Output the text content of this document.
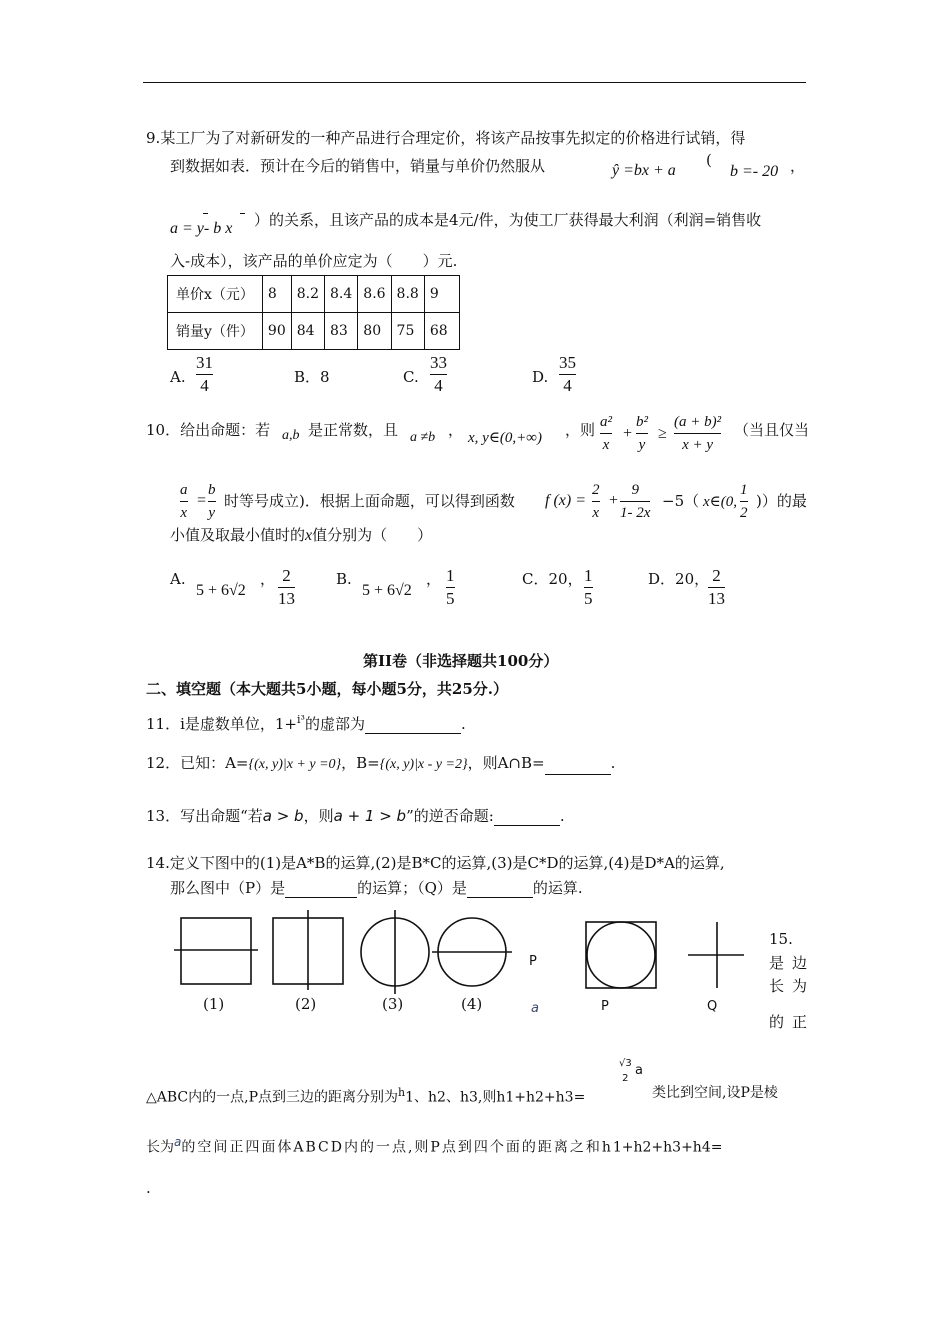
9.某工厂为了对新研发的一种产品进行合理定价，将该产品按事先拟定的价格进行试销，得
到数据如表．预计在今后的销售中，销量与单价仍然服从	ŷ =bx + a
(
b =- 20 ，
a = y- b x ）的关系，且该产品的成本是4元/件，为使工厂获得最大利润（利润=销售收
入-成本），该产品的单价应定为（　　）元.
单价x（元）	8	8.2	8.4	8.6	8.8	9
销量y（件）	90	84	83	80	75	68
A.
31
4	B．8	C.
33
4	D.
35
4
10．给出命题：若 a,b 是正常数，且 a ≠b ， x, y∈(0,+∞) ，则 a²
x
+
b²
y
≥
(a + b)²
x + y
（当且仅当
a
x
=
b
y
时等号成立)．根据上面命题，可以得到函数 f (x) =
2
x
+
9
1- 2x
−5（ x∈(0,
1
2
)）的最
小值及取最小值时的x值分别为（　　）
A.
5 + 6√2
， 2
13
B.
5 + 6√2
， 1
5
C．20， 1
5
D．20， 2
13
第II卷（非选择题共100分）
二、填空题（本大题共5小题，每小题5分，共25分.）
11．i是虚数单位，1+$^{i^3}$的虚部为	.
12．已知：A={(x, y)|x + y =0}，B={(x, y)|x - y =2}，则A∩B=	.
13．写出命题“若a > b，则a + 1 > b”的逆否命题:	.
14.定义下图中的(1)是A*B的运算,(2)是B*C的运算,(3)是C*D的运算,(4)是D*A的运算,
那么图中（P）是	的运算；（Q）是	的运算.
(1)	(2)	(3)	(4)
P
a	P	Q
15.
是边
长为
的正
△ABC内的一点,P点到三边的距离分别为$^h$1、h2、h3,则h1+h2+h3=
√3
2
a
类比到空间,设P是棱
长为a的空间正四面体ABCD内的一点,则P点到四个面的距离之和h1+h2+h3+h4=
.
